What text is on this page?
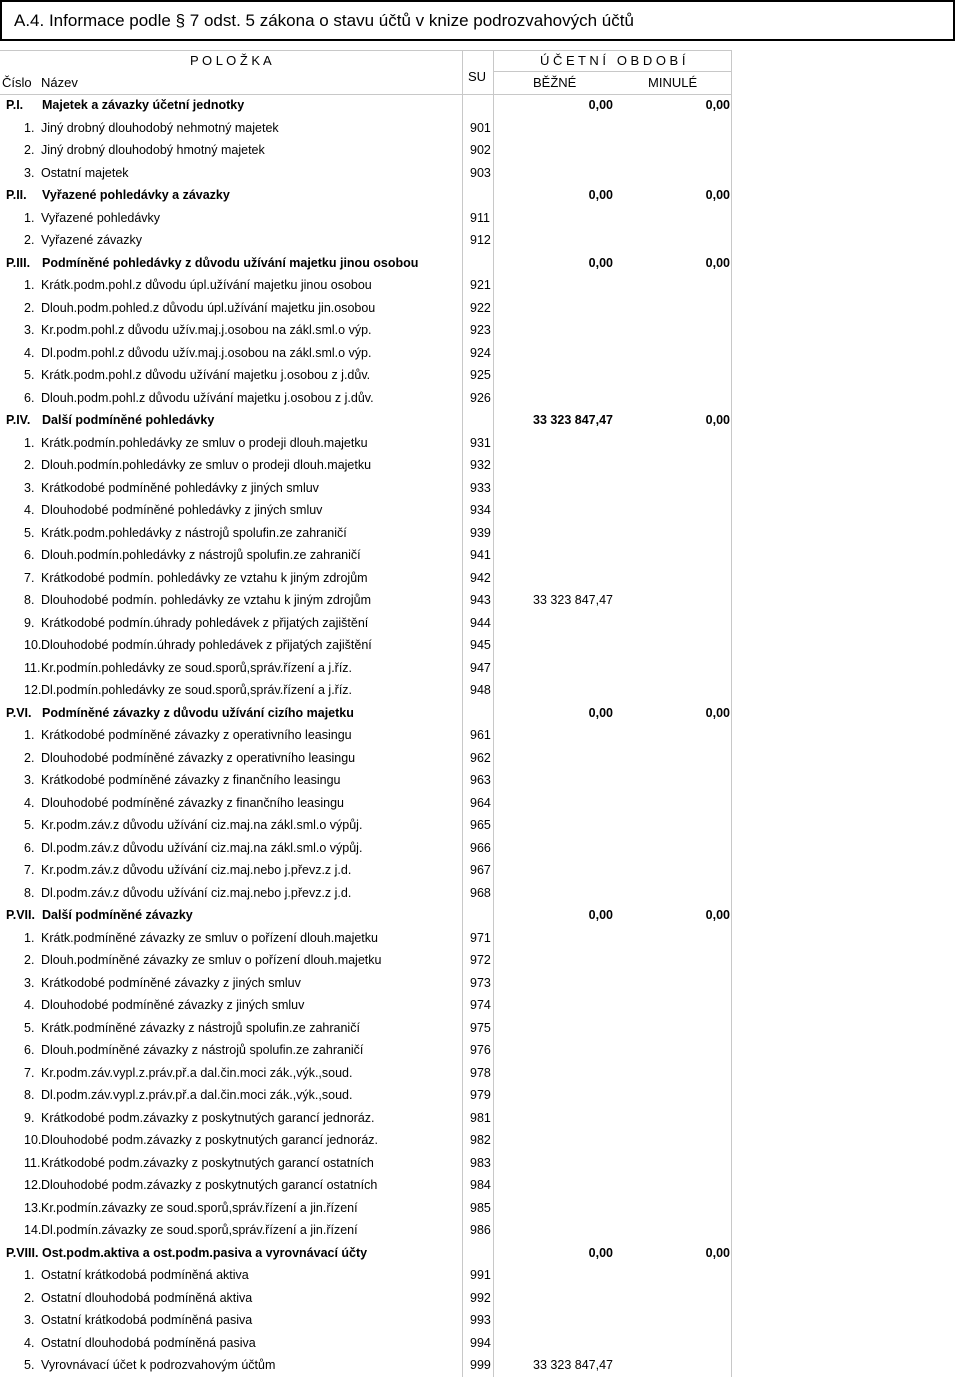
A.4. Informace podle § 7 odst. 5 zákona o stavu účtů v knize podrozvahových účtů
P O L O Ž K A
Číslo Název	SU
Ú Č E T N Í   O B D O B Í
BĚŽNÉ	MINULÉ
P.I. Majetek a závazky účetní jednotky	0,00	0,00
1. Jiný drobný dlouhodobý nehmotný majetek	901
2. Jiný drobný dlouhodobý hmotný majetek	902
3. Ostatní majetek	903
P.II. Vyřazené pohledávky a závazky	0,00	0,00
1. Vyřazené pohledávky	911
2. Vyřazené závazky	912
P.III. Podmíněné pohledávky z důvodu užívání majetku jinou osobou	0,00	0,00
1. Krátk.podm.pohl.z důvodu úpl.užívání majetku jinou osobou	921
2. Dlouh.podm.pohled.z důvodu úpl.užívání majetku jin.osobou	922
3. Kr.podm.pohl.z důvodu užív.maj.j.osobou na zákl.sml.o výp.	923
4. Dl.podm.pohl.z důvodu užív.maj.j.osobou na zákl.sml.o výp.	924
5. Krátk.podm.pohl.z důvodu užívání majetku j.osobou z j.dův.	925
6. Dlouh.podm.pohl.z důvodu užívání majetku j.osobou z j.dův.	926
P.IV. Další podmíněné pohledávky	33 323 847,47	0,00
1. Krátk.podmín.pohledávky ze smluv o prodeji dlouh.majetku	931
2. Dlouh.podmín.pohledávky ze smluv o prodeji dlouh.majetku	932
3. Krátkodobé podmíněné pohledávky z jiných smluv	933
4. Dlouhodobé podmíněné pohledávky z jiných smluv	934
5. Krátk.podm.pohledávky z nástrojů spolufin.ze zahraničí	939
6. Dlouh.podmín.pohledávky z nástrojů spolufin.ze zahraničí	941
7. Krátkodobé podmín. pohledávky ze vztahu k jiným zdrojům	942
8. Dlouhodobé podmín. pohledávky ze vztahu k jiným zdrojům	943	33 323 847,47
9. Krátkodobé podmín.úhrady pohledávek z přijatých zajištění	944
10. Dlouhodobé podmín.úhrady pohledávek z přijatých zajištění	945
11. Kr.podmín.pohledávky ze soud.sporů,správ.řízení a j.říz.	947
12. Dl.podmín.pohledávky ze soud.sporů,správ.řízení a j.říz.	948
P.VI. Podmíněné závazky z důvodu užívání cizího majetku	0,00	0,00
1. Krátkodobé podmíněné závazky z operativního leasingu	961
2. Dlouhodobé podmíněné závazky z operativního leasingu	962
3. Krátkodobé podmíněné závazky z finančního leasingu	963
4. Dlouhodobé podmíněné závazky z finančního leasingu	964
5. Kr.podm.záv.z důvodu užívání ciz.maj.na zákl.sml.o výpůj.	965
6. Dl.podm.záv.z důvodu užívání ciz.maj.na zákl.sml.o výpůj.	966
7. Kr.podm.záv.z důvodu užívání ciz.maj.nebo j.převz.z j.d.	967
8. Dl.podm.záv.z důvodu užívání ciz.maj.nebo j.převz.z j.d.	968
P.VII. Další podmíněné závazky	0,00	0,00
1. Krátk.podmíněné závazky ze smluv o pořízení dlouh.majetku	971
2. Dlouh.podmíněné závazky ze smluv o pořízení dlouh.majetku	972
3. Krátkodobé podmíněné závazky z jiných smluv	973
4. Dlouhodobé podmíněné závazky z jiných smluv	974
5. Krátk.podmíněné závazky z nástrojů spolufin.ze zahraničí	975
6. Dlouh.podmíněné závazky z nástrojů spolufin.ze zahraničí	976
7. Kr.podm.záv.vypl.z.práv.př.a dal.čin.moci zák.,výk.,soud.	978
8. Dl.podm.záv.vypl.z.práv.př.a dal.čin.moci zák.,výk.,soud.	979
9. Krátkodobé podm.závazky z poskytnutých garancí jednoráz.	981
10. Dlouhodobé podm.závazky z poskytnutých garancí jednoráz.	982
11. Krátkodobé podm.závazky z poskytnutých garancí ostatních	983
12. Dlouhodobé podm.závazky z poskytnutých garancí ostatních	984
13. Kr.podmín.závazky ze soud.sporů,správ.řízení a jin.řízení	985
14. Dl.podmín.závazky ze soud.sporů,správ.řízení a jin.řízení	986
P.VIII. Ost.podm.aktiva a ost.podm.pasiva a vyrovnávací účty	0,00	0,00
1. Ostatní krátkodobá podmíněná aktiva	991
2. Ostatní dlouhodobá podmíněná aktiva	992
3. Ostatní krátkodobá podmíněná pasiva	993
4. Ostatní dlouhodobá podmíněná pasiva	994
5. Vyrovnávací účet k podrozvahovým účtům	999	33 323 847,47
